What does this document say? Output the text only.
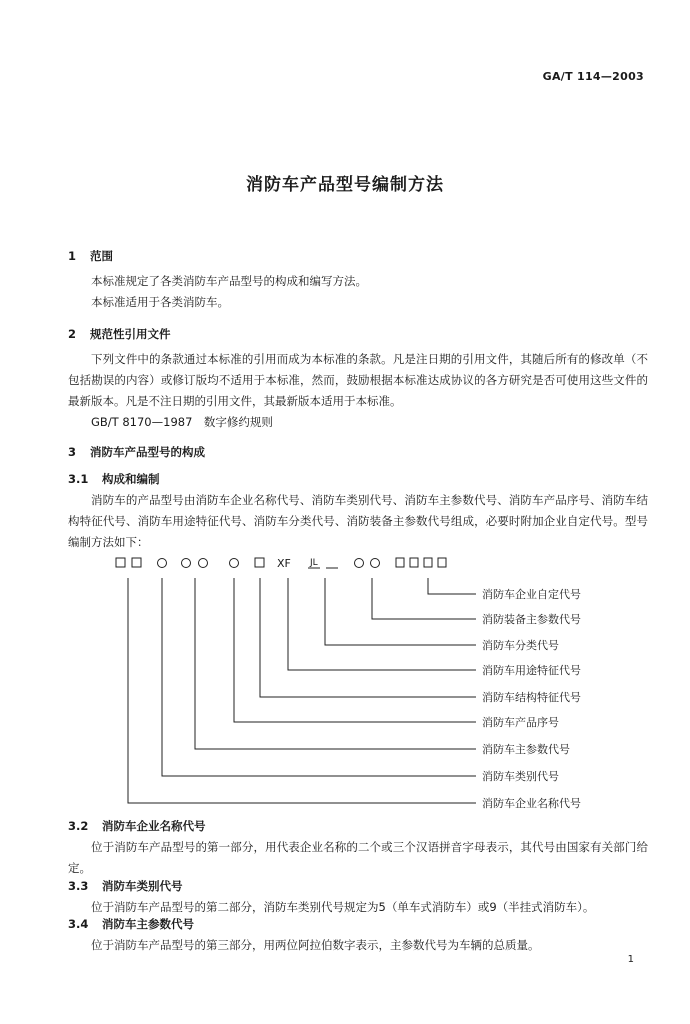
GA/T 114—2003
消防车产品型号编制方法
1 范围
本标准规定了各类消防车产品型号的构成和编写方法。
本标准适用于各类消防车。
2 规范性引用文件
下列文件中的条款通过本标准的引用而成为本标准的条款。凡是注日期的引用文件，其随后所有的修改单（不包括勘误的内容）或修订版均不适用于本标准，然而，鼓励根据本标准达成协议的各方研究是否可使用这些文件的最新版本。凡是不注日期的引用文件，其最新版本适用于本标准。
GB/T 8170—1987　数字修约规则
3 消防车产品型号的构成
3.1 构成和编制
消防车的产品型号由消防车企业名称代号、消防车类别代号、消防车主参数代号、消防车产品序号、消防车结构特征代号、消防车用途特征代号、消防车分类代号、消防装备主参数代号组成，必要时附加企业自定代号。型号编制方法如下：
XF JL
消防车企业自定代号
消防装备主参数代号
消防车分类代号
消防车用途特征代号
消防车结构特征代号
消防车产品序号
消防车主参数代号
消防车类别代号
消防车企业名称代号
3.2 消防车企业名称代号
位于消防车产品型号的第一部分，用代表企业名称的二个或三个汉语拼音字母表示，其代号由国家有关部门给定。
3.3 消防车类别代号
位于消防车产品型号的第二部分，消防车类别代号规定为5（单车式消防车）或9（半挂式消防车）。
3.4 消防车主参数代号
位于消防车产品型号的第三部分，用两位阿拉伯数字表示，主参数代号为车辆的总质量。
1
